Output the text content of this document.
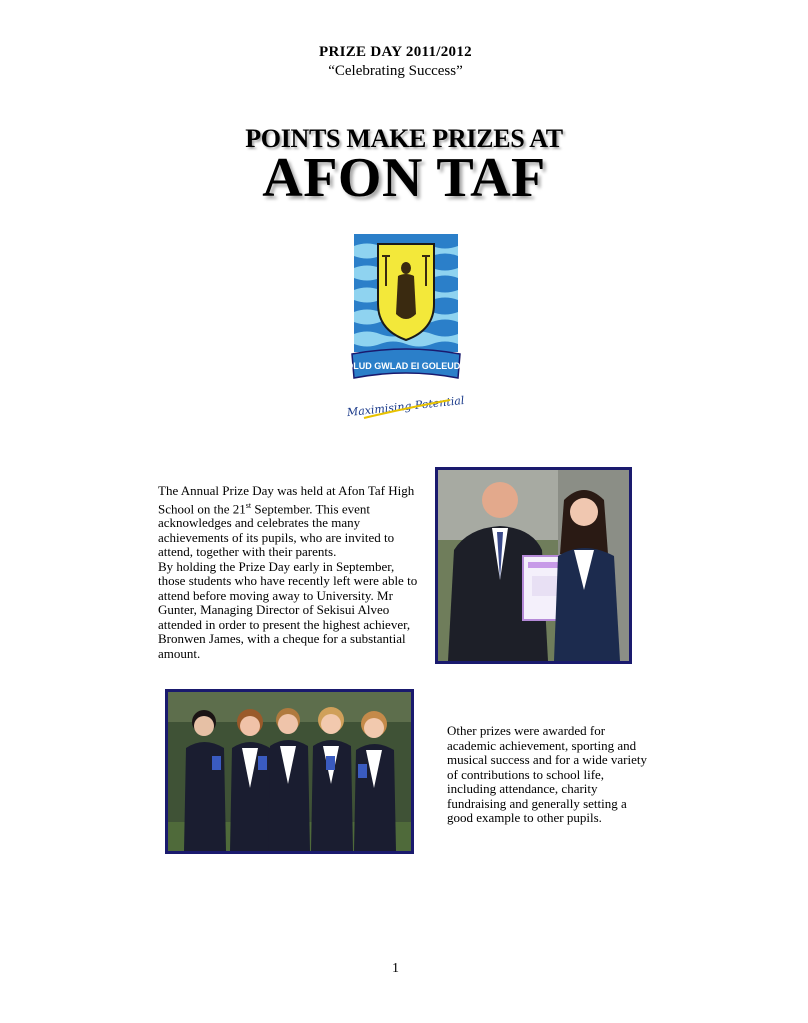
PRIZE DAY 2011/2012
“Celebrating Success”
POINTS MAKE PRIZES AT
AFON TAF
GOLUD GWLAD EI GOLEUDER
Maximising Potential
The Annual Prize Day was held at Afon Taf High School on the 21st September. This event acknowledges and celebrates the many achievements of its pupils, who are invited to attend, together with their parents.
By holding the Prize Day early in September, those students who have recently left were able to attend before moving away to University. Mr Gunter, Managing Director of Sekisui Alveo attended in order to present the highest achiever, Bronwen James, with a cheque for a substantial amount.
Other prizes were awarded for academic achievement, sporting and musical success and for a wide variety of contributions to school life, including attendance, charity fundraising and generally setting a good example to other pupils.
1
